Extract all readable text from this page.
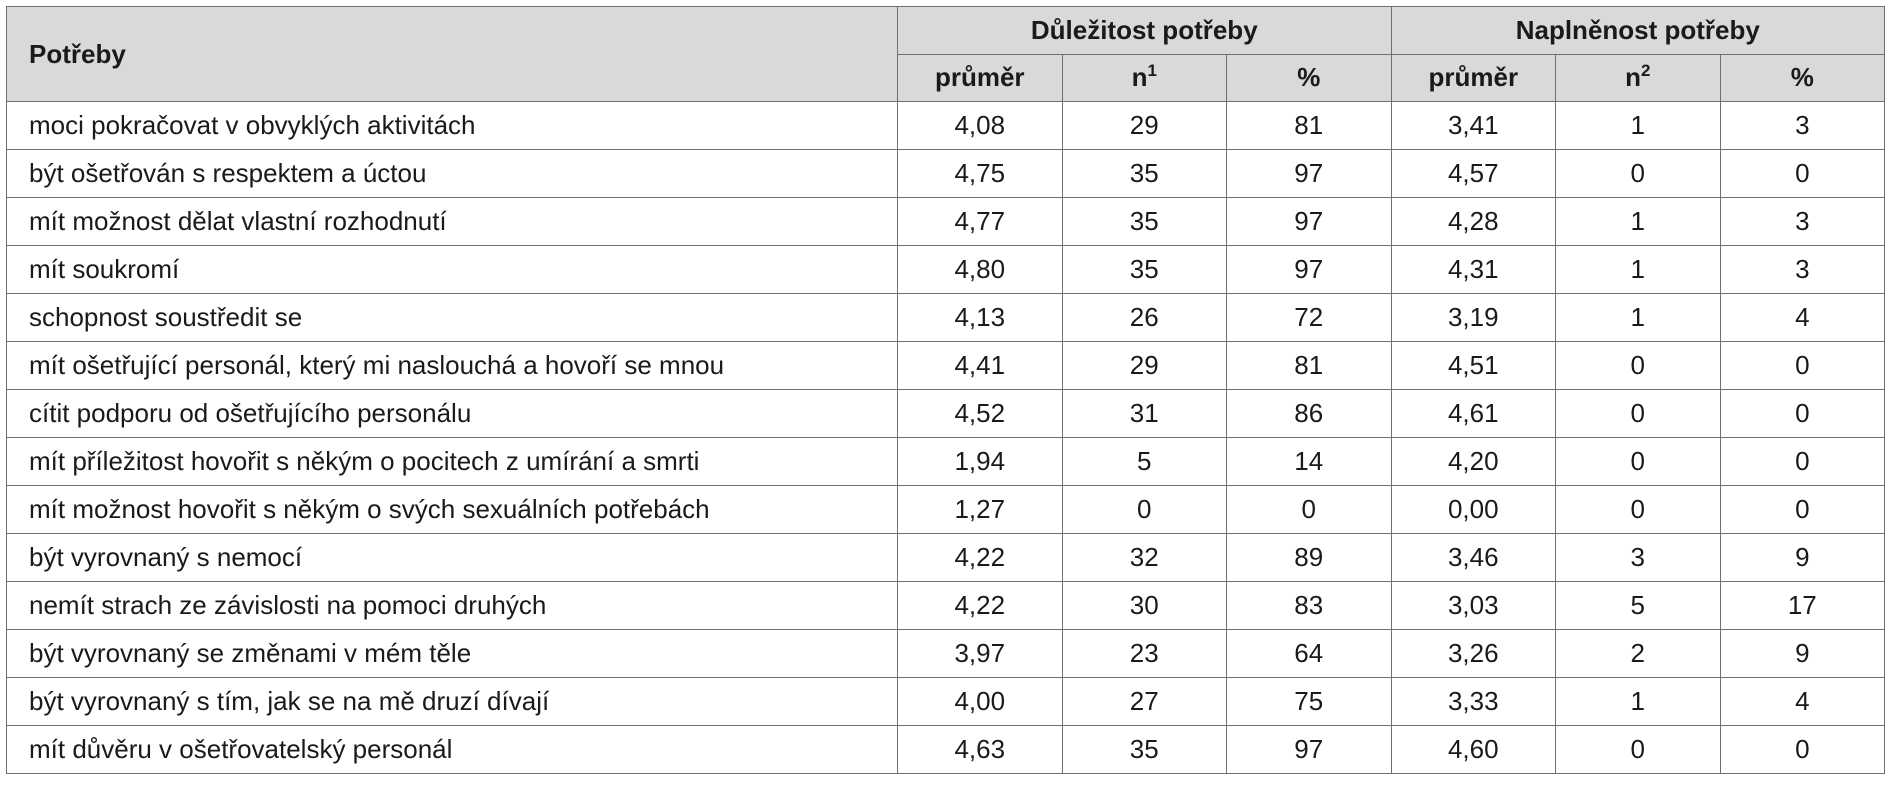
Potřeby	Důležitost potřeby			Naplněnost potřeby		
	průměr	$n^1$	%	průměr	$n^2$	%
moci pokračovat v obvyklých aktivitách	4,08	29	81	3,41	1	3
být ošetřován s respektem a úctou	4,75	35	97	4,57	0	0
mít možnost dělat vlastní rozhodnutí	4,77	35	97	4,28	1	3
mít soukromí	4,80	35	97	4,31	1	3
schopnost soustředit se	4,13	26	72	3,19	1	4
mít ošetřující personál, který mi naslouchá a hovoří se mnou	4,41	29	81	4,51	0	0
cítit podporu od ošetřujícího personálu	4,52	31	86	4,61	0	0
mít příležitost hovořit s někým o pocitech z umírání a smrti	1,94	5	14	4,20	0	0
mít možnost hovořit s někým o svých sexuálních potřebách	1,27	0	0	0,00	0	0
být vyrovnaný s nemocí	4,22	32	89	3,46	3	9
nemít strach ze závislosti na pomoci druhých	4,22	30	83	3,03	5	17
být vyrovnaný se změnami v mém těle	3,97	23	64	3,26	2	9
být vyrovnaný s tím, jak se na mě druzí dívají	4,00	27	75	3,33	1	4
mít důvěru v ošetřovatelský personál	4,63	35	97	4,60	0	0
